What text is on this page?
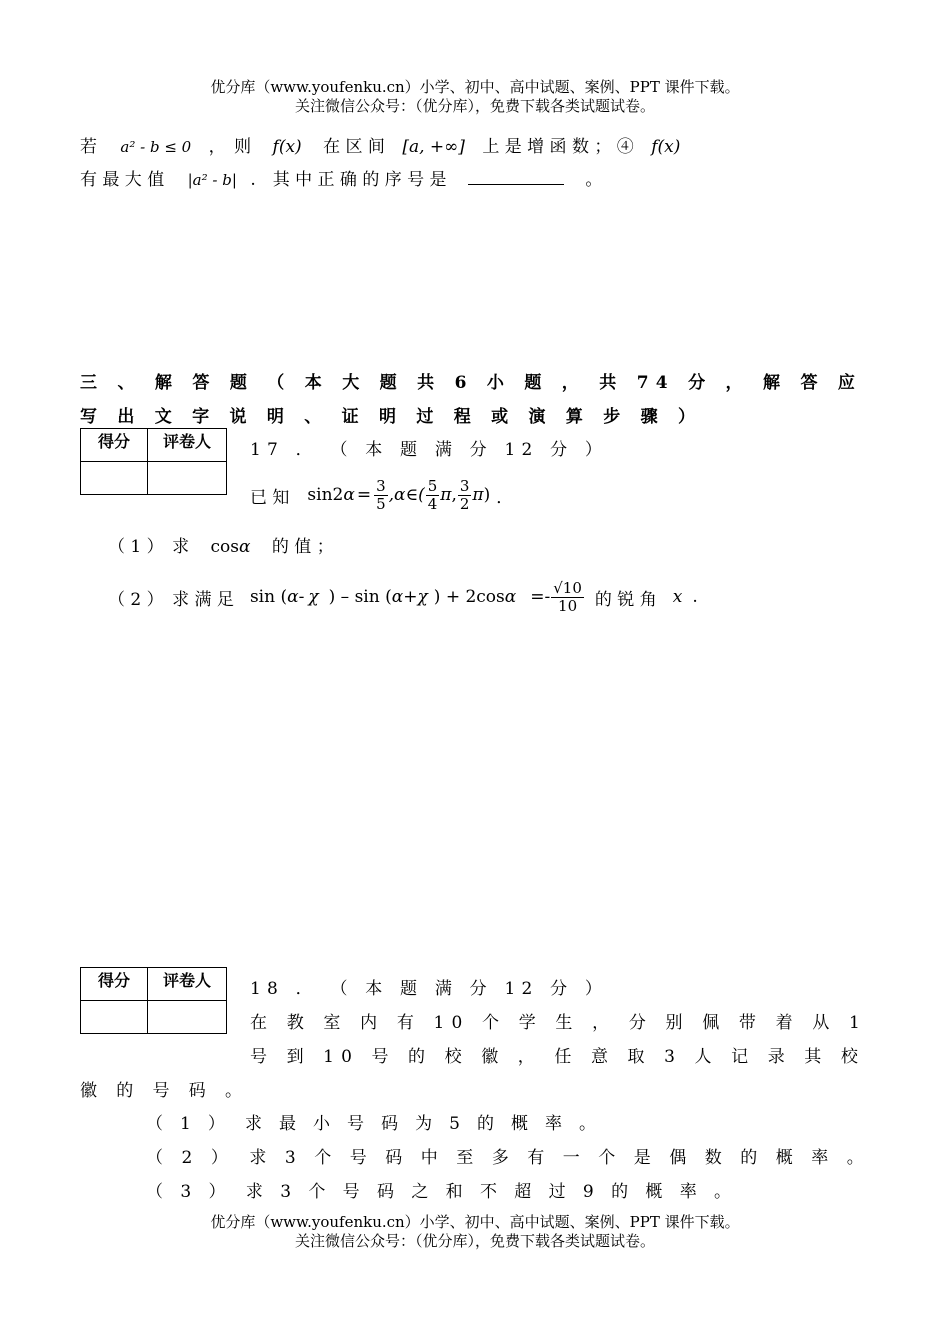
优分库（www.youfenku.cn）小学、初中、高中试题、案例、PPT 课件下载。
关注微信公众号：（优分库），免费下载各类试题试卷。
若 a² - b ≤ 0 ，　则 f(x) 在 区 间 [a, +∞] 上 是 增 函 数 ； ④ f(x)
有 最 大 值 |a² - b| .　其 中 正 确 的 序 号 是	。
三 、 解 答 题 （ 本 大 题 共 6 小 题 ， 共 74 分 ， 解 答 应
写 出 文 字 说 明 、 证 明 过 程 或 演 算 步 骤 ）
得分	评卷人
	17 ． （ 本 题 满 分 12 分 ）
已 知 sin2 $\alpha = \frac{3}{5}$ ,α∈( $\frac{5}{4}$ π , $\frac{3}{2}$ π ) ．
（ 1 ）　求 cosα 的 值 ；
（ 2 ）　求 满 足 sin ( α - χ ) – sin ( α + χ ) + 2cos $\alpha =- \frac{√10}{10}$ 的 锐 角 x .
得分	评卷人
	18 ． （ 本 题 满 分 12 分 ）
在 教 室 内 有 10 个 学 生 ， 分 别 佩 带 着 从 1
号 到 10 号 的 校 徽 ， 任 意 取 3 人 记 录 其 校
徽 的 号 码 。
（ 1 ）　求 最 小 号 码 为 5 的 概 率 。
（ 2 ）　求 3 个 号 码 中 至 多 有 一 个 是 偶 数 的 概 率 。
（ 3 ）　求 3 个 号 码 之 和 不 超 过 9 的 概 率 。
优分库（www.youfenku.cn）小学、初中、高中试题、案例、PPT 课件下载。
关注微信公众号：（优分库），免费下载各类试题试卷。
